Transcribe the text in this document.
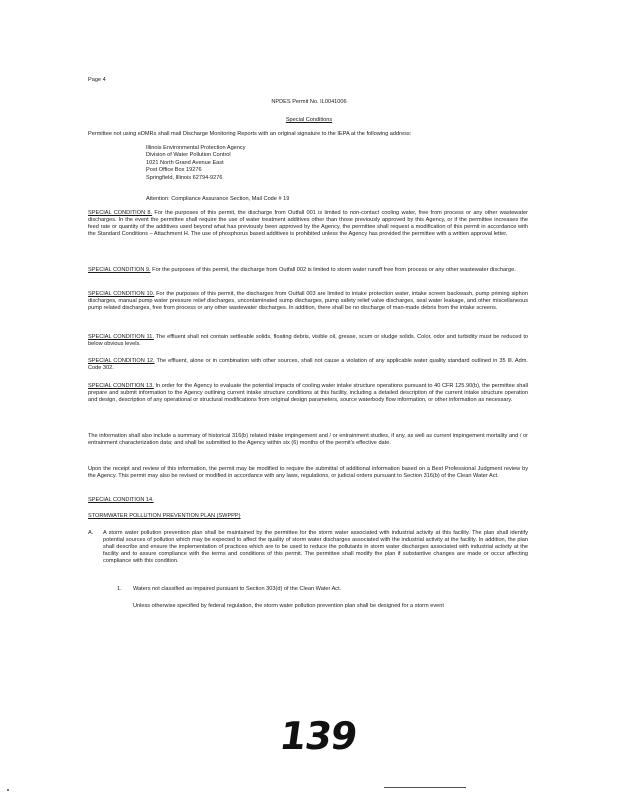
Page 4
NPDES Permit No. IL0041006
Special Conditions
Permittee not using eDMRs shall mail Discharge Monitoring Reports with an original signature to the IEPA at the following address:
Illinois Environmental Protection Agency
Division of Water Pollution Control
1021 North Grand Avenue East
Post Office Box 19276
Springfield, Illinois 62794-9276
Attention: Compliance Assurance Section, Mail Code # 19
SPECIAL CONDITION 8. For the purposes of this permit, the discharge from Outfall 001 is limited to non-contact cooling water, free from process or any other wastewater discharges. In the event the permittee shall require the use of water treatment additives other than those previously approved by this Agency, or if the permittee increases the feed rate or quantity of the additives used beyond what has previously been approved by the Agency, the permittee shall request a modification of this permit in accordance with the Standard Conditions – Attachment H. The use of phosphorus based additives is prohibited unless the Agency has provided the permittee with a written approval letter.
SPECIAL CONDITION 9. For the purposes of this permit, the discharge from Outfall 002 is limited to storm water runoff free from process or any other wastewater discharge.
SPECIAL CONDITION 10. For the purposes of this permit, the discharges from Outfall 003 are limited to intake protection water, intake screen backwash, pump priming siphon discharges, manual pump water pressure relief discharges, uncontaminated sump discharges, pump safety relief valve discharges, seal water leakage, and other miscellaneous pump related discharges, free from process or any other wastewater discharges. In addition, there shall be no discharge of man-made debris from the intake screens.
SPECIAL CONDITION 11. The effluent shall not contain settleable solids, floating debris, visible oil, grease, scum or sludge solids. Color, odor and turbidity must be reduced to below obvious levels.
SPECIAL CONDITION 12. The effluent, alone or in combination with other sources, shall not cause a violation of any applicable water quality standard outlined in 35 Ill. Adm. Code 302.
SPECIAL CONDITION 13. In order for the Agency to evaluate the potential impacts of cooling water intake structure operations pursuant to 40 CFR 125.90(b), the permittee shall prepare and submit information to the Agency outlining current intake structure conditions at this facility, including a detailed description of the current intake structure operation and design, description of any operational or structural modifications from original design parameters, source waterbody flow information, or other information as necessary.
The information shall also include a summary of historical 316(b) related intake impingement and / or entrainment studies, if any, as well as current impingement mortality and / or entrainment characterization data; and shall be submitted to the Agency within six (6) months of the permit's effective date.
Upon the receipt and review of this information, the permit may be modified to require the submittal of additional information based on a Best Professional Judgment review by the Agency. This permit may also be revised or modified in accordance with any laws, regulations, or judicial orders pursuant to Section 316(b) of the Clean Water Act.
SPECIAL CONDITION 14.
STORMWATER POLLUTION PREVENTION PLAN (SWPPP)
A. A storm water pollution prevention plan shall be maintained by the permittee for the storm water associated with industrial activity at this facility. The plan shall identify potential sources of pollution which may be expected to affect the quality of storm water discharges associated with the industrial activity at the facility. In addition, the plan shall describe and ensure the implementation of practices which are to be used to reduce the pollutants in storm water discharges associated with industrial activity at the facility and to assure compliance with the terms and conditions of this permit. The permittee shall modify the plan if substantive changes are made or occur affecting compliance with this condition.
1. Waters not classified as impaired pursuant to Section 303(d) of the Clean Water Act.
Unless otherwise specified by federal regulation, the storm water pollution prevention plan shall be designed for a storm event
139
